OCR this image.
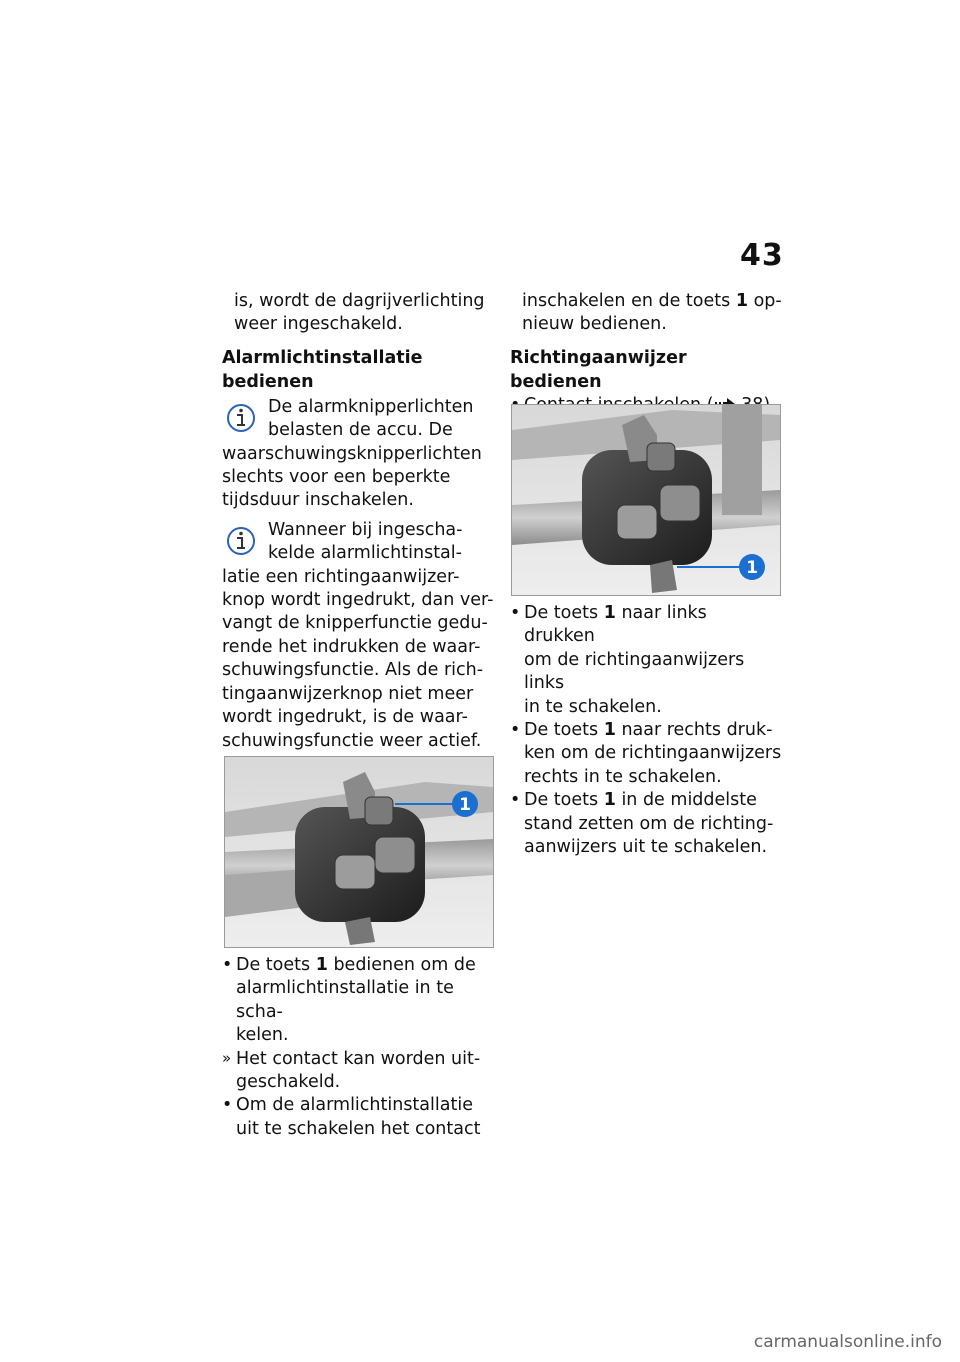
43
is, wordt de dagrijverlichting
weer ingeschakeld.
Alarmlichtinstallatie bedienen
De alarmknipperlichten
belasten de accu. De
waarschuwingsknipperlichten
slechts voor een beperkte
tijdsduur inschakelen.
Wanneer bij ingescha-
kelde alarmlichtinstal-
latie een richtingaanwijzer-
knop wordt ingedrukt, dan ver-
vangt de knipperfunctie gedu-
rende het indrukken de waar-
schuwingsfunctie. Als de rich-
tingaanwijzerknop niet meer
wordt ingedrukt, is de waar-
schuwingsfunctie weer actief.
•
1
• De toets 1 bedienen om de
alarmlichtinstallatie in te scha-
kelen.
» Het contact kan worden uit-
geschakeld.
• Om de alarmlichtinstallatie
uit te schakelen het contact
inschakelen en de toets 1 op-
nieuw bedienen.
Richtingaanwijzer bedienen
•
1
• De toets 1 naar links drukken
om de richtingaanwijzers links
in te schakelen.
• De toets 1 naar rechts druk-
ken om de richtingaanwijzers
rechts in te schakelen.
• De toets 1 in de middelste
stand zetten om de richting-
aanwijzers uit te schakelen.
carmanualsonline.info
